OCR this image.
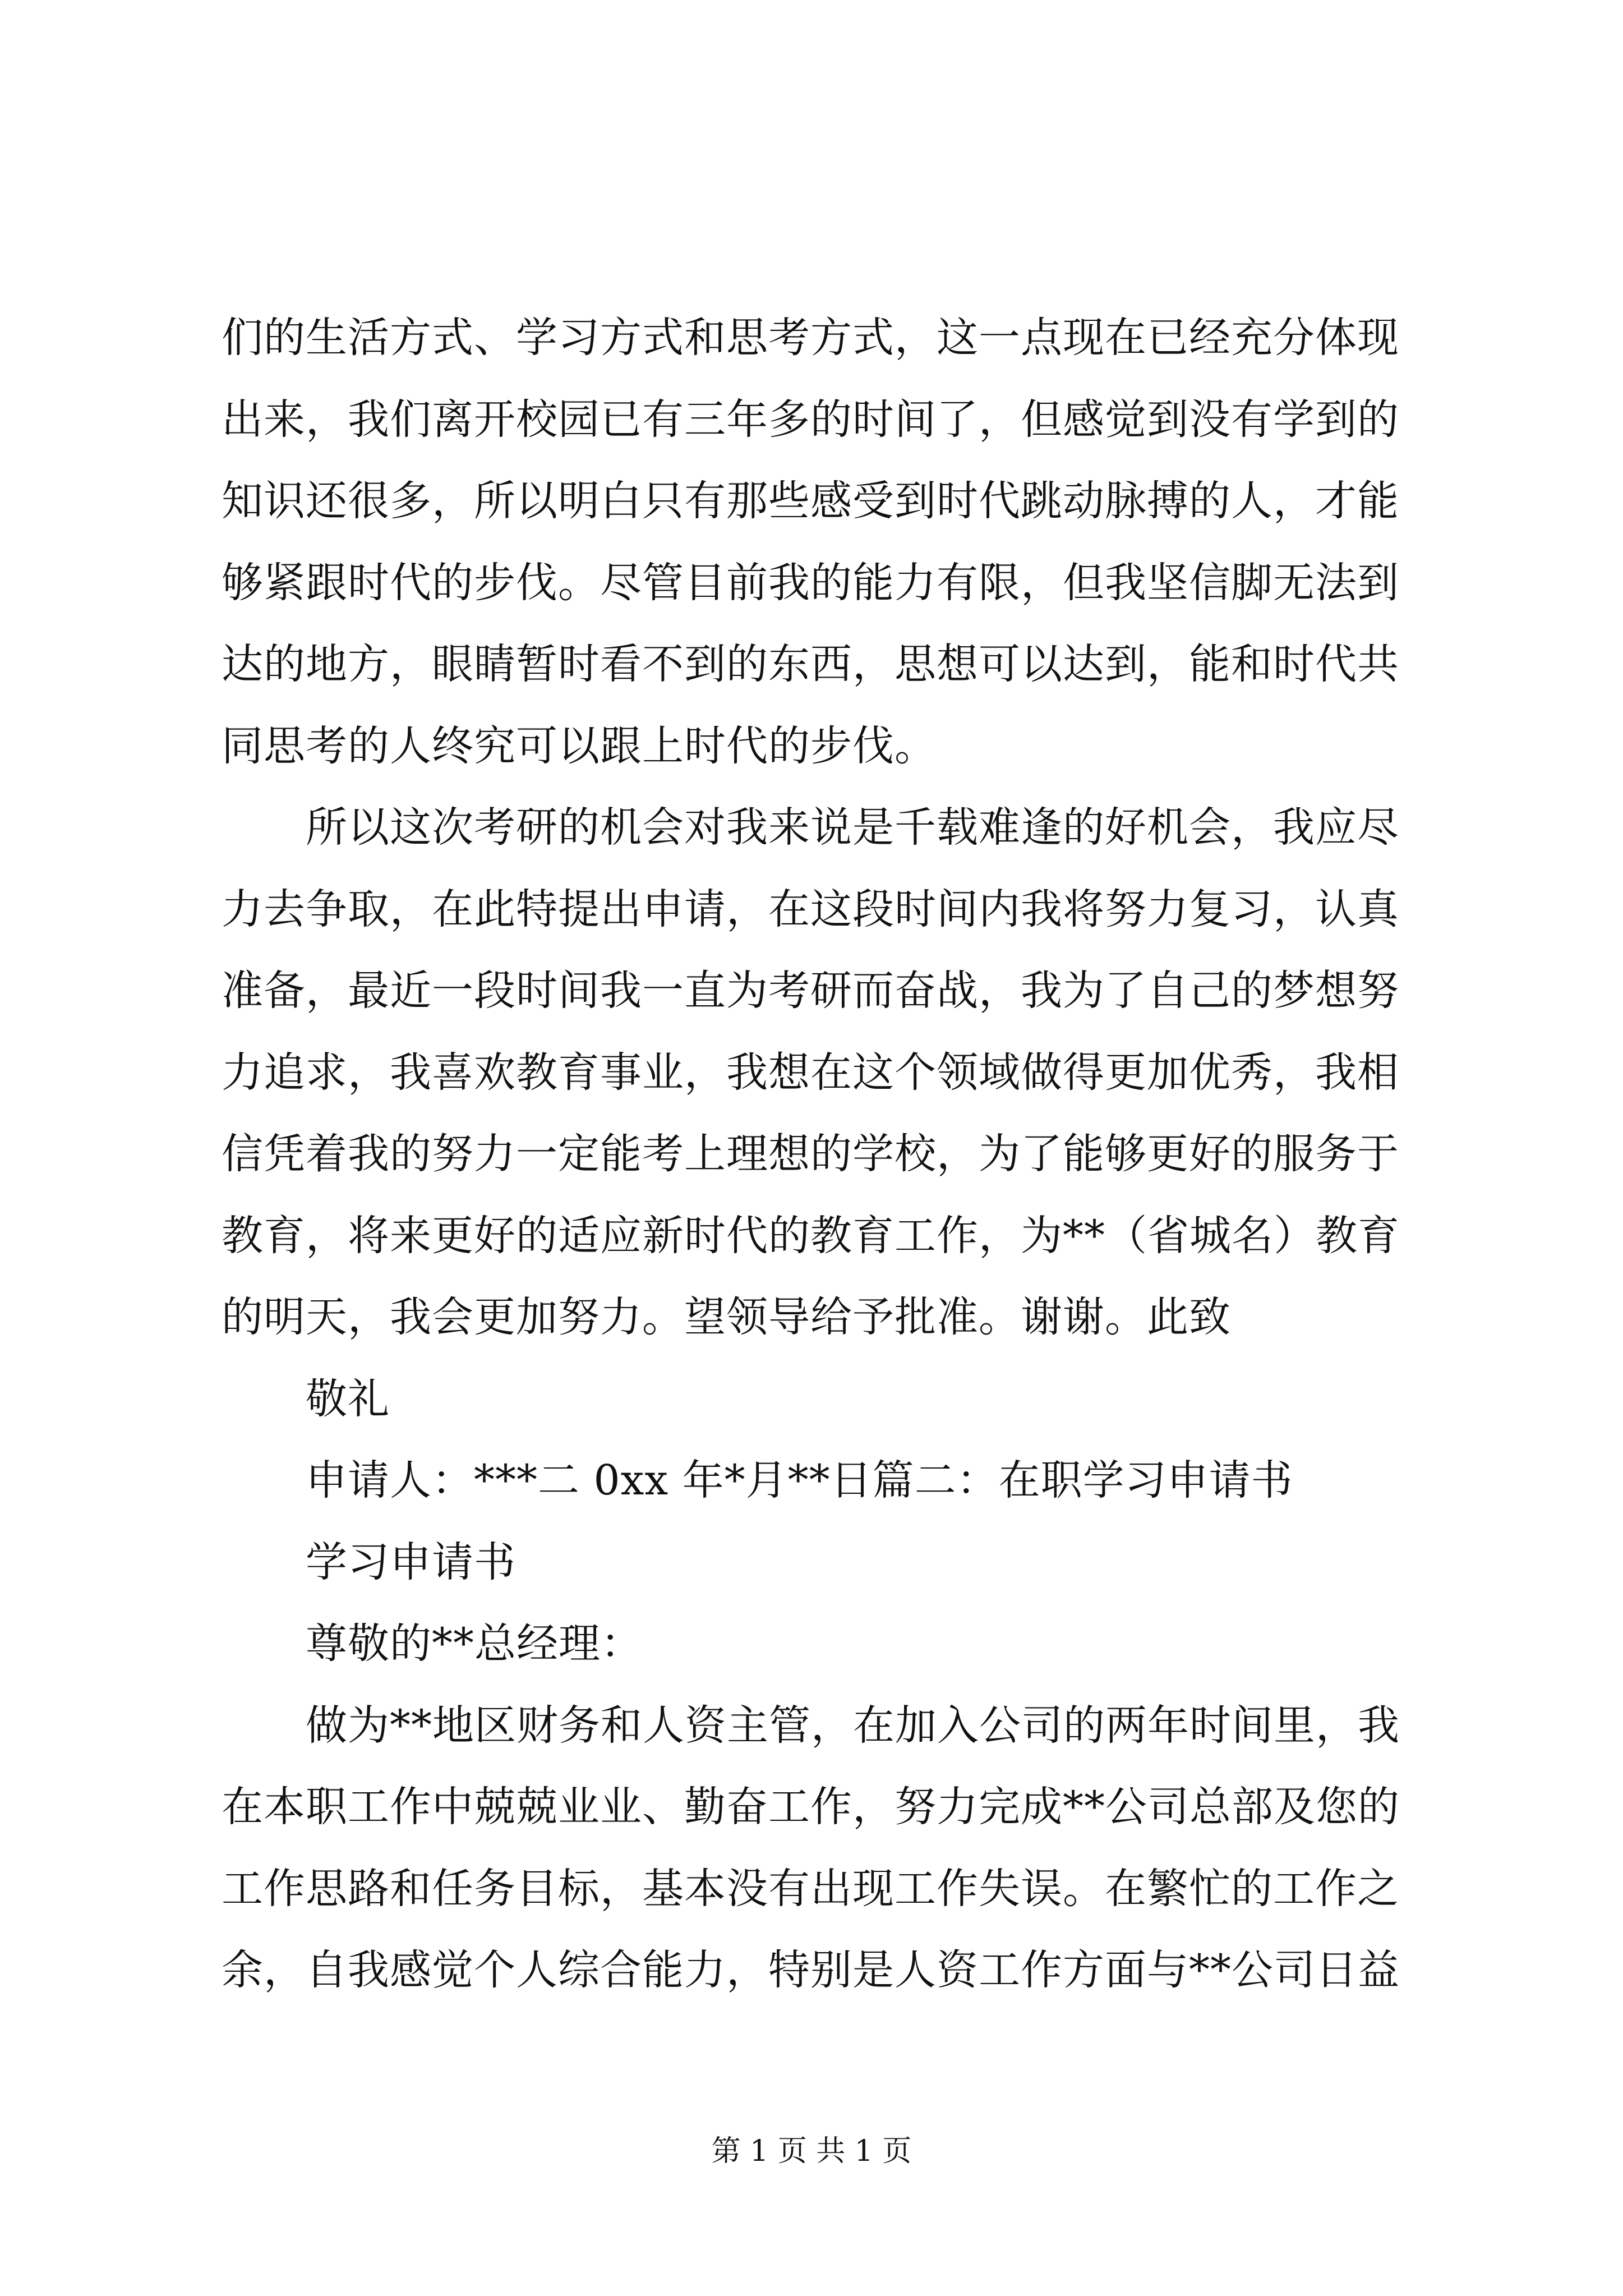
们的生活方式、学习方式和思考方式，这一点现在已经充分体现
出来，我们离开校园已有三年多的时间了，但感觉到没有学到的
知识还很多，所以明白只有那些感受到时代跳动脉搏的人，才能
够紧跟时代的步伐。尽管目前我的能力有限，但我坚信脚无法到
达的地方，眼睛暂时看不到的东西，思想可以达到，能和时代共
同思考的人终究可以跟上时代的步伐。
所以这次考研的机会对我来说是千载难逢的好机会，我应尽
力去争取，在此特提出申请，在这段时间内我将努力复习，认真
准备，最近一段时间我一直为考研而奋战，我为了自己的梦想努
力追求，我喜欢教育事业，我想在这个领域做得更加优秀，我相
信凭着我的努力一定能考上理想的学校，为了能够更好的服务于
教育，将来更好的适应新时代的教育工作，为**（省城名）教育
的明天，我会更加努力。望领导给予批准。谢谢。此致
敬礼
申请人：***二 0xx 年*月**日篇二：在职学习申请书
学习申请书
尊敬的**总经理：
做为**地区财务和人资主管，在加入公司的两年时间里，我
在本职工作中兢兢业业、勤奋工作，努力完成**公司总部及您的
工作思路和任务目标，基本没有出现工作失误。在繁忙的工作之
余，自我感觉个人综合能力，特别是人资工作方面与**公司日益
第 1 页 共 1 页
